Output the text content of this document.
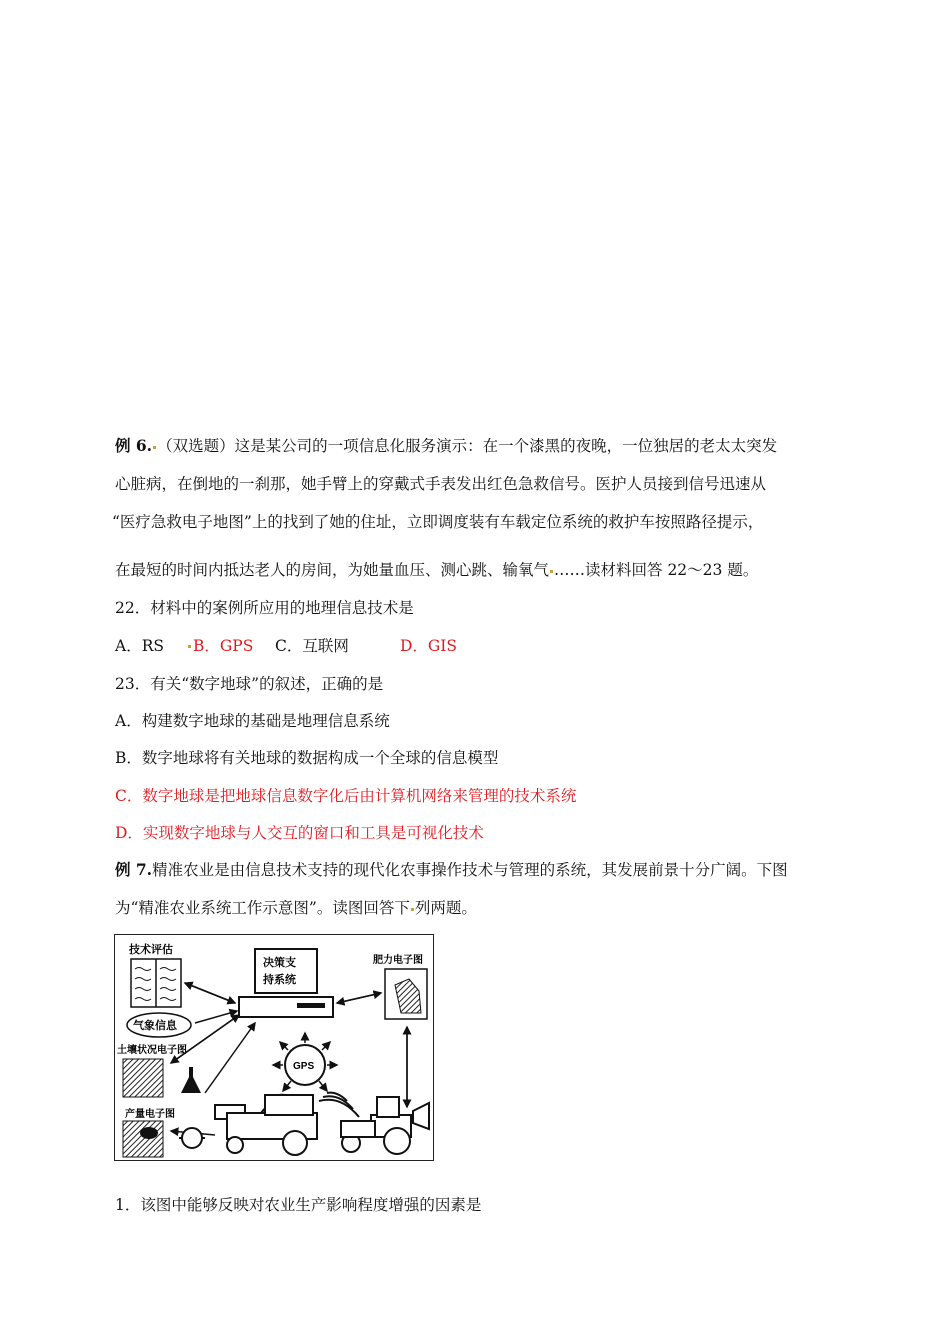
例 6. （双选题）这是某公司的一项信息化服务演示：在一个漆黑的夜晚，一位独居的老太太突发
心脏病，在倒地的一刹那，她手臂上的穿戴式手表发出红色急救信号。医护人员接到信号迅速从
“医疗急救电子地图”上的找到了她的住址，立即调度装有车载定位系统的救护车按照路径提示，
在最短的时间内抵达老人的房间，为她量血压、测心跳、输氧气 ……读材料回答 22～23 题。
22．材料中的案例所应用的地理信息技术是
A．RS B．GPS C．互联网	D．GIS
23．有关“数字地球”的叙述，正确的是
A．构建数字地球的基础是地理信息系统
B．数字地球将有关地球的数据构成一个全球的信息模型
C．数字地球是把地球信息数字化后由计算机网络来管理的技术系统
D．实现数字地球与人交互的窗口和工具是可视化技术
例 7.精准农业是由信息技术支持的现代化农事操作技术与管理的系统，其发展前景十分广阔。下图
为“精准农业系统工作示意图”。读图回答下 列两题。
技术评估
肥力电子图
土壤状况电子图
产量电子图
气象信息
决策支
持系统
GPS
1．该图中能够反映对农业生产影响程度增强的因素是
